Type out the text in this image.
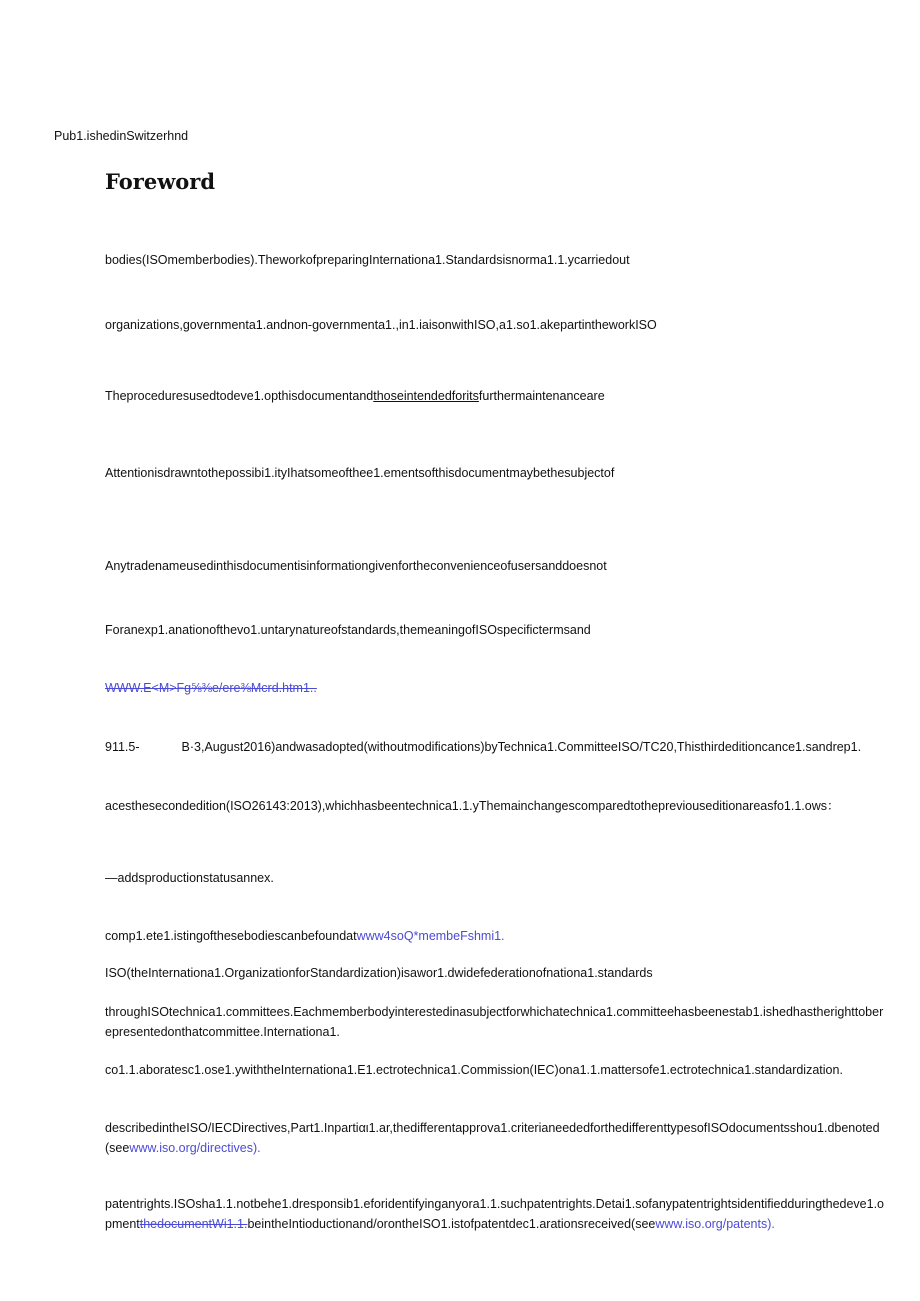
Pub1.ishedinSwitzerhnd
Foreword
bodies(ISOmemberbodies).TheworkofpreparingInternationa1.Standardsisnorma1.1.ycarriedout
organizations,governmenta1.andnon-governmenta1.,in1.iaisonwithISO,a1.so1.akepartintheworkISO
Theproceduresusedtodeve1.opthisdocumentandthoseintendedforitsfurthermaintenanceare
Attentionisdrawntothepossibi1.ityIhatsomeofthee1.ementsofthisdocumentmaybethesubjectof
Anytradenameusedinthisdocumentisinformationgivenfortheconvenienceofusersanddoesnot
Foranexp1.anationofthevo1.untarynatureofstandards,themeaningofISOspecifictermsand
WWW.E<M>Fg⅝⅜e/ere⅜Mcrd.htm1..
911.5-	B·3,August2016)andwasadopted(withoutmodifications)byTechnica1.CommitteeISO/TC20,Thisthirdeditioncance1.sandrep1.
acesthesecondedition(ISO26143:2013),whichhasbeentechnica1.1.yThemainchangescomparedtothepreviouseditionareasfo1.1.ows：
—addsproductionstatusannex.
comp1.ete1.istingofthesebodiescanbefoundatwww4soQ*membeFshmi1.
ISO(theInternationa1.OrganizationforStandardization)isawor1.dwidefederationofnationa1.standards
throughISOtechnica1.committees.Eachmemberbodyinterestedinasubjectforwhichatechnica1.committeehasbeenestab1.ishedhastherighttoberepresentedonthatcommittee.Internationa1.
co1.1.aboratesc1.ose1.ywiththeInternationa1.E1.ectrotechnica1.Commission(IEC)ona1.1.mattersofe1.ectrotechnica1.standardization.
describedintheISO/IECDirectives,Part1.Inpartiαι1.ar,thedifferentapprova1.criterianeededforthedifferenttypesofISOdocumentsshou1.dbenoted(seewww.iso.org/directives).
patentrights.ISOsha1.1.notbehe1.dresponsib1.eforidentifyinganyora1.1.suchpatentrights.Detai1.sofanypatentrightsidentifiedduringthedeve1.opmentthedocumentWi1.1.beintheIntioductionand/orontheISO1.istofpatentdec1.arationsreceived(seewww.iso.org/patents).
